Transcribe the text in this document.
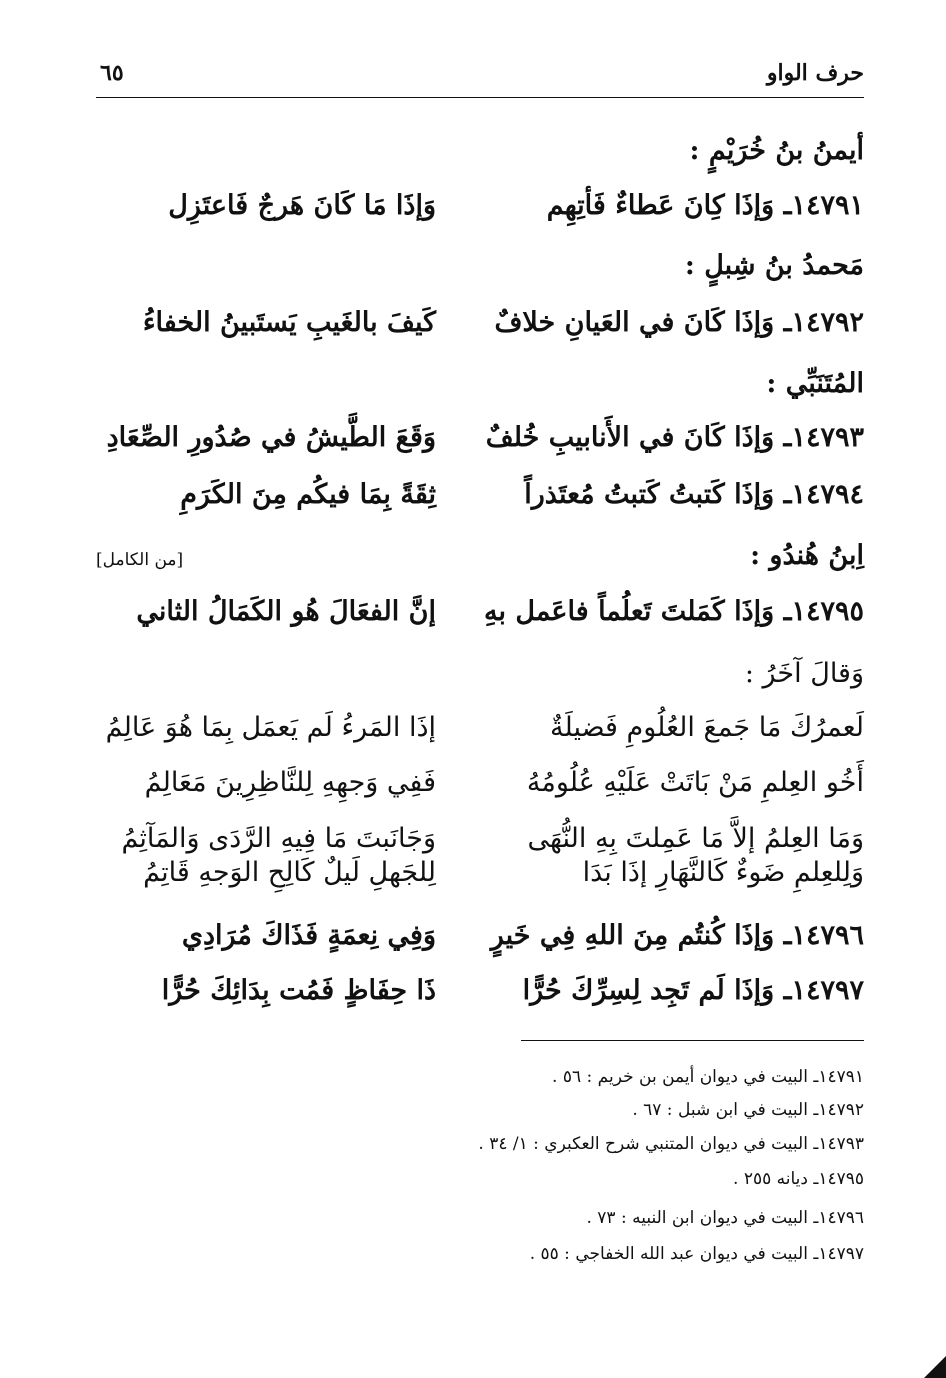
حرف الواو
٦٥
أيمنُ بنُ خُرَيْمٍ :
١٤٧٩١ـ وَإذَا كِانَ عَطاءٌ فَأتِهِم
وَإذَا مَا كَانَ هَرجٌ فَاعتَزِل
مَحمدُ بنُ شِبلٍ :
١٤٧٩٢ـ وَإذَا كَانَ في العَيانِ خلافٌ
كَيفَ بالغَيبِ يَستَبينُ الخفاءُ
المُتَنَبِّي :
١٤٧٩٣ـ وَإذَا كَانَ في الأَنابيبِ خُلفٌ
وَقَعَ الطَّيشُ في صُدُورِ الصِّعَادِ
١٤٧٩٤ـ وَإذَا كَتبتُ كَتبتُ مُعتَذراً
ثِقَةً بِمَا فيكُم مِنَ الكَرَمِ
اِبنُ هُندُو :
[من الكامل]
١٤٧٩٥ـ وَإذَا كَمَلتَ تَعلُماً فاعَمل بهِ
إنَّ الفعَالَ هُو الكَمَالُ الثاني
وَقالَ آخَرُ :
لَعمرُكَ مَا جَمعَ العُلُومِ فَضيلَةٌ
إذَا المَرءُ لَم يَعمَل بِمَا هُوَ عَالِمُ
أَخُو العِلمِ مَنْ بَاتَتْ عَلَيْهِ عُلُومُهُ
فَفِي وَجهِهِ لِلنَّاظِرِينَ مَعَالِمُ
وَمَا العِلمُ إلاَّ مَا عَمِلتَ بِهِ النُّهَى
وَجَانَبتَ مَا فِيهِ الرَّدَى وَالمَآثِمُ
وَلِلعِلمِ ضَوءٌ كَالنَّهَارِ إذَا بَدَا
لِلجَهلِ لَيلٌ كَالِحِ الوَجهِ قَاتِمُ
١٤٧٩٦ـ وَإذَا كُنتُم مِنَ اللهِ فِي خَيرٍ
وَفِي نِعمَةٍ فَذَاكَ مُرَادِي
١٤٧٩٧ـ وَإذَا لَم تَجِد لِسِرِّكَ حُرًّا
ذَا حِفَاظٍ فَمُت بِدَائِكَ حُرًّا
١٤٧٩١ـ البيت في ديوان أيمن بن خريم : ٥٦ .
١٤٧٩٢ـ البيت في ابن شبل : ٦٧ .
١٤٧٩٣ـ البيت في ديوان المتنبي شرح العكبري : ١/ ٣٤ .
١٤٧٩٥ـ ديانه ٢٥٥ .
١٤٧٩٦ـ البيت في ديوان ابن النبيه : ٧٣ .
١٤٧٩٧ـ البيت في ديوان عبد الله الخفاجي : ٥٥ .
